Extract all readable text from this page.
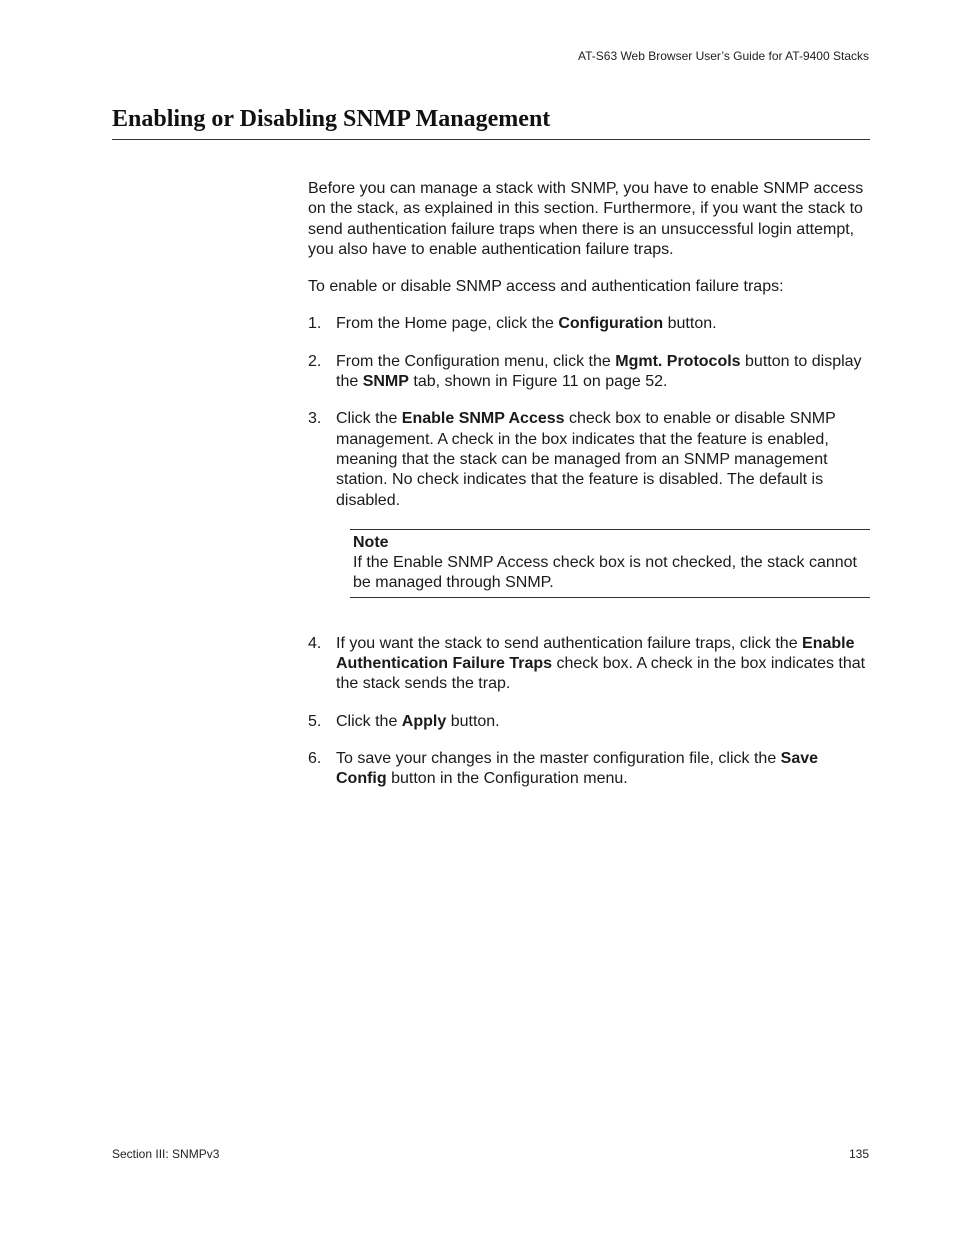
AT-S63 Web Browser User’s Guide for AT-9400 Stacks
Enabling or Disabling SNMP Management

Before you can manage a stack with SNMP, you have to enable SNMP access on the stack, as explained in this section. Furthermore, if you want the stack to send authentication failure traps when there is an unsuccessful login attempt, you also have to enable authentication failure traps.

To enable or disable SNMP access and authentication failure traps:

1. From the Home page, click the Configuration button.
2. From the Configuration menu, click the Mgmt. Protocols button to display the SNMP tab, shown in Figure 11 on page 52.
3. Click the Enable SNMP Access check box to enable or disable SNMP management. A check in the box indicates that the feature is enabled, meaning that the stack can be managed from an SNMP management station. No check indicates that the feature is disabled. The default is disabled.
Note
If the Enable SNMP Access check box is not checked, the stack cannot be managed through SNMP.
4. If you want the stack to send authentication failure traps, click the Enable Authentication Failure Traps check box. A check in the box indicates that the stack sends the trap.
5. Click the Apply button.
6. To save your changes in the master configuration file, click the Save Config button in the Configuration menu.
Section III: SNMPv3	135
